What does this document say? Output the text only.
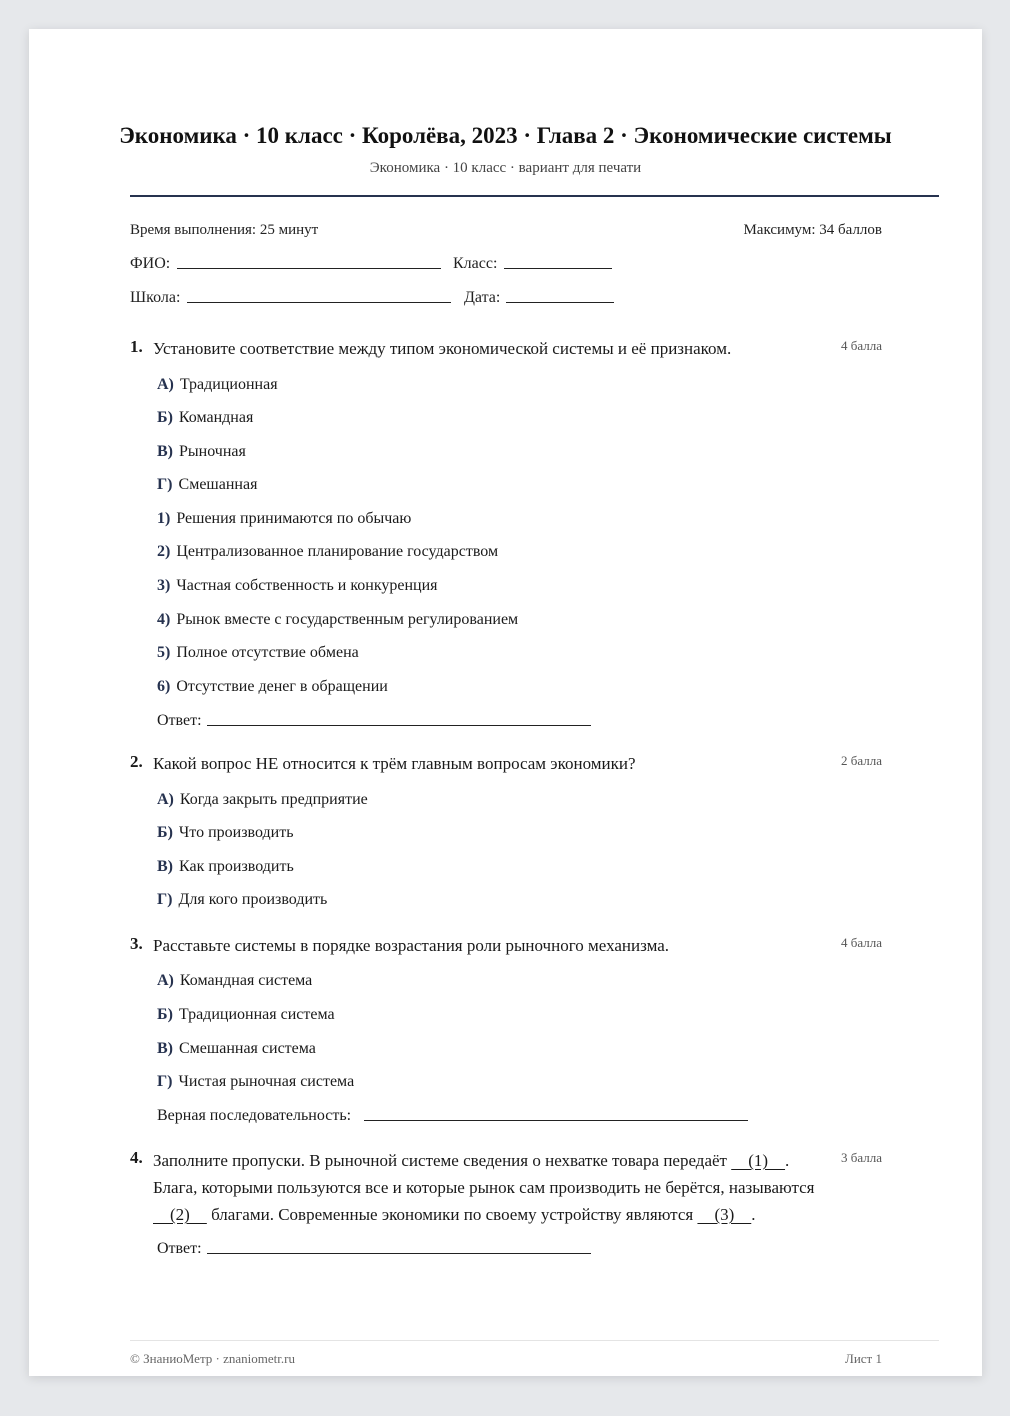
Экономика · 10 класс · Королёва, 2023 · Глава 2 · Экономические системы
Экономика · 10 класс · вариант для печати
Время выполнения: 25 минут	Максимум: 34 баллов
ФИО:	Класс:
Школа:	Дата:
1. Установите соответствие между типом экономической системы и её признаком.	4 балла
А) Традиционная
Б) Командная
В) Рыночная
Г) Смешанная
1) Решения принимаются по обычаю
2) Централизованное планирование государством
3) Частная собственность и конкуренция
4) Рынок вместе с государственным регулированием
5) Полное отсутствие обмена
6) Отсутствие денег в обращении
Ответ:
2. Какой вопрос НЕ относится к трём главным вопросам экономики?	2 балла
А) Когда закрыть предприятие
Б) Что производить
В) Как производить
Г) Для кого производить
3. Расставьте системы в порядке возрастания роли рыночного механизма.	4 балла
А) Командная система
Б) Традиционная система
В) Смешанная система
Г) Чистая рыночная система
Верная последовательность:
4. Заполните пропуски. В рыночной системе сведения о нехватке товара передаёт     (1)    .	3 балла
Блага, которыми пользуются все и которые рынок сам производить не берётся, называются
(2)     благами. Современные экономики по своему устройству являются     (3)    .
Ответ:
© ЗнаниоМетр · znaniometr.ru	Лист 1
